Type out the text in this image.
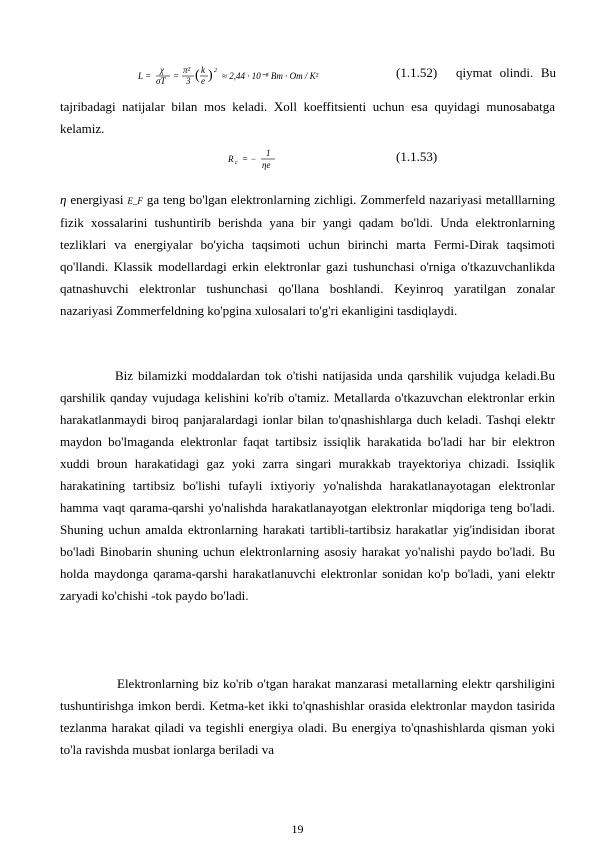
L =
χ
σT =
π²
3 ( k
e ) 2 ≈ 2,44 · 10⁻⁸ Bm · Om / K²	(1.1.52) qiymat olindi. Bu

tajribadagi natijalar bilan mos keladi. Xoll koeffitsienti uchun esa quyidagi munosabatga kelamiz.

R c = −
1
ηe
(1.1.53)

η energiyasi E_F ga teng bo'lgan elektronlarning zichligi. Zommerfeld nazariyasi metalllarning fizik xossalarini tushuntirib berishda yana bir yangi qadam bo'ldi. Unda elektronlarning tezliklari va energiyalar bo'yicha taqsimoti uchun birinchi marta Fermi-Dirak taqsimoti qo'llandi. Klassik modellardagi erkin elektronlar gazi tushunchasi o'rniga o'tkazuvchanlikda qatnashuvchi elektronlar tushunchasi qo'llana boshlandi. Keyinroq yaratilgan zonalar nazariyasi Zommerfeldning ko'pgina xulosalari to'g'ri ekanligini tasdiqlaydi.

Biz bilamizki moddalardan tok o'tishi natijasida unda qarshilik vujudga keladi.Bu qarshilik qanday vujudaga kelishini ko'rib o'tamiz. Metallarda o'tkazuvchan elektronlar erkin harakatlanmaydi biroq panjaralardagi ionlar bilan to'qnashishlarga duch keladi. Tashqi elektr maydon bo'lmaganda elektronlar faqat tartibsiz issiqlik harakatida bo'ladi har bir elektron xuddi broun harakatidagi gaz yoki zarra singari murakkab trayektoriya chizadi. Issiqlik harakatining tartibsiz bo'lishi tufayli ixtiyoriy yo'nalishda harakatlanayotagan elektronlar hamma vaqt qarama-qarshi yo'nalishda harakatlanayotgan elektronlar miqdoriga teng bo'ladi. Shuning uchun amalda ektronlarning harakati tartibli-tartibsiz harakatlar yig'indisidan iborat bo'ladi Binobarin shuning uchun elektronlarning asosiy harakat yo'nalishi paydo bo'ladi. Bu holda maydonga qarama-qarshi harakatlanuvchi elektronlar sonidan ko'p bo'ladi, yani elektr zaryadi ko'chishi -tok paydo bo'ladi.

Elektronlarning biz ko'rib o'tgan harakat manzarasi metallarning elektr qarshiligini tushuntirishga imkon berdi. Ketma-ket ikki to'qnashishlar orasida elektronlar maydon tasirida tezlanma harakat qiladi va tegishli energiya oladi. Bu energiya to'qnashishlarda qisman yoki to'la ravishda musbat ionlarga beriladi va

19
